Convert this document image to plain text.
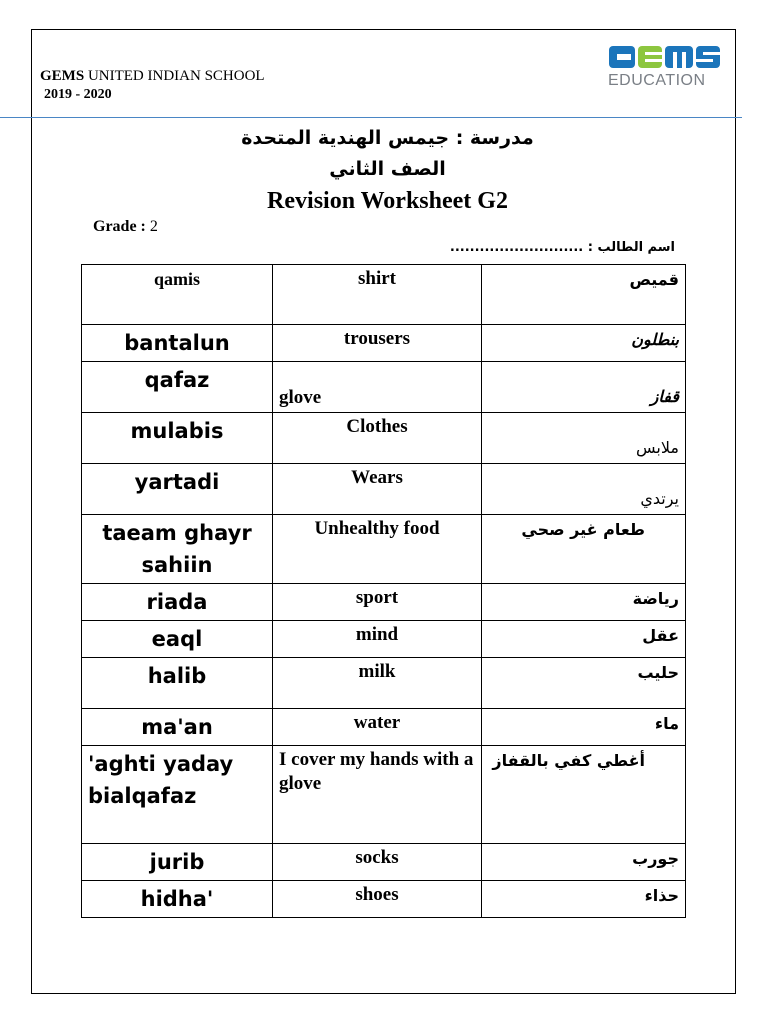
GEMS UNITED INDIAN SCHOOL
2019 - 2020
EDUCATION
مدرسة : جيمس الهندية المتحدة
الصف الثاني
Revision Worksheet G2
Grade : 2
اسم الطالب : ...........................
qamis	shirt	قميص
bantalun	trousers	بنطلون
qafaz	glove	قفاز
mulabis	Clothes	ملابس
yartadi	Wears	يرتدي
taeam ghayr sahiin	Unhealthy food	طعام غير صحي
riada	sport	رياضة
eaql	mind	عقل
halib	milk	حليب
ma'an	water	ماء
'aghti yaday bialqafaz	I cover my hands with a glove	أغطي كفي بالقفاز
jurib	socks	جورب
hidha'	shoes	حذاء
